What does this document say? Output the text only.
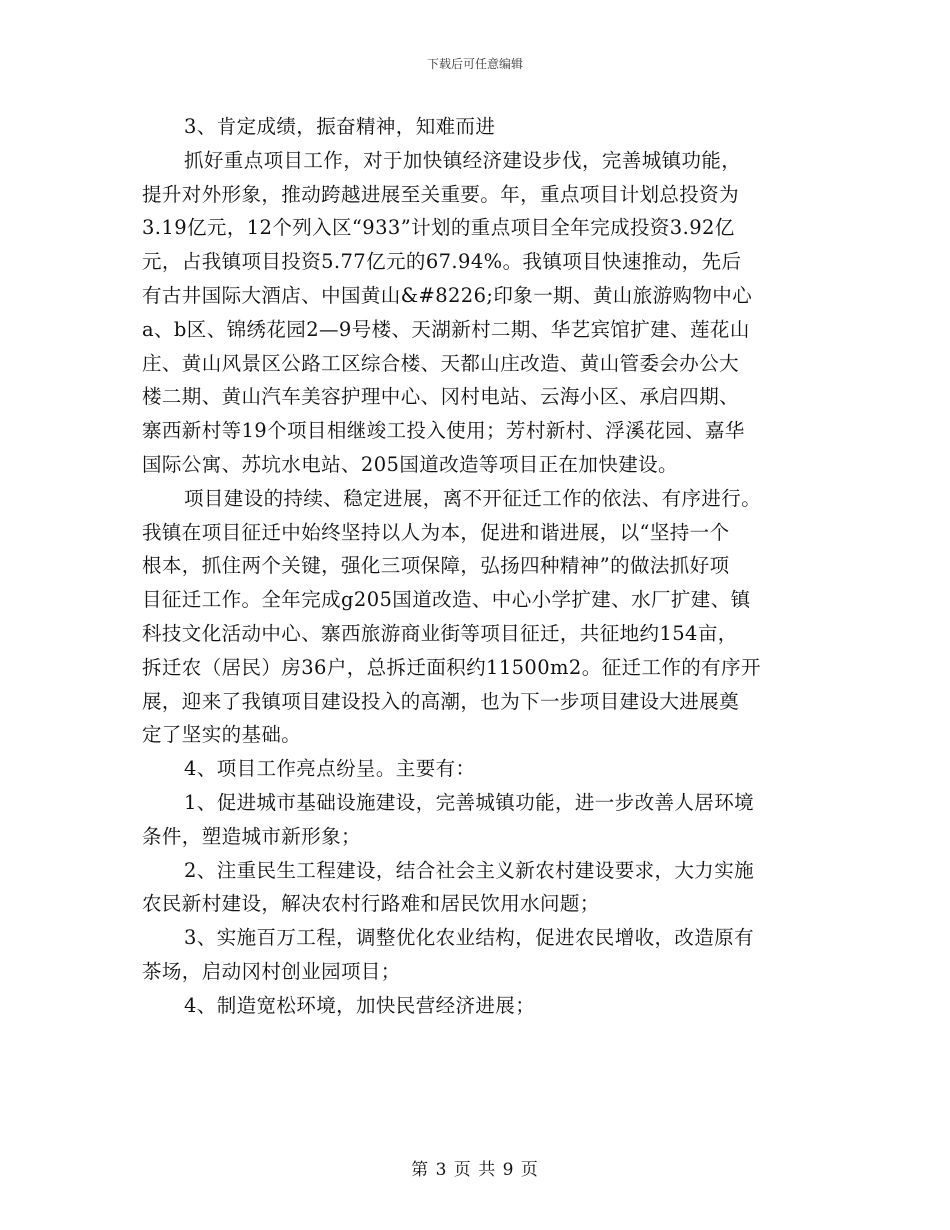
下载后可任意编辑
3、肯定成绩，振奋精神，知难而进
抓好重点项目工作，对于加快镇经济建设步伐，完善城镇功能，
提升对外形象，推动跨越进展至关重要。年，重点项目计划总投资为
3.19亿元，12个列入区“933”计划的重点项目全年完成投资3.92亿
元，占我镇项目投资5.77亿元的67.94%。我镇项目快速推动，先后
有古井国际大酒店、中国黄山&#8226;印象一期、黄山旅游购物中心
a、b区、锦绣花园2—9号楼、天湖新村二期、华艺宾馆扩建、莲花山
庄、黄山风景区公路工区综合楼、天都山庄改造、黄山管委会办公大
楼二期、黄山汽车美容护理中心、冈村电站、云海小区、承启四期、
寨西新村等19个项目相继竣工投入使用；芳村新村、浮溪花园、嘉华
国际公寓、苏坑水电站、205国道改造等项目正在加快建设。
项目建设的持续、稳定进展，离不开征迁工作的依法、有序进行。
我镇在项目征迁中始终坚持以人为本，促进和谐进展，以“坚持一个
根本，抓住两个关键，强化三项保障，弘扬四种精神”的做法抓好项
目征迁工作。全年完成g205国道改造、中心小学扩建、水厂扩建、镇
科技文化活动中心、寨西旅游商业街等项目征迁，共征地约154亩，
拆迁农（居民）房36户，总拆迁面积约11500m2。征迁工作的有序开
展，迎来了我镇项目建设投入的高潮，也为下一步项目建设大进展奠
定了坚实的基础。
4、项目工作亮点纷呈。主要有：
1、促进城市基础设施建设，完善城镇功能，进一步改善人居环境
条件，塑造城市新形象；
2、注重民生工程建设，结合社会主义新农村建设要求，大力实施
农民新村建设，解决农村行路难和居民饮用水问题；
3、实施百万工程，调整优化农业结构，促进农民增收，改造原有
茶场，启动冈村创业园项目；
4、制造宽松环境，加快民营经济进展；
第 3 页 共 9 页
